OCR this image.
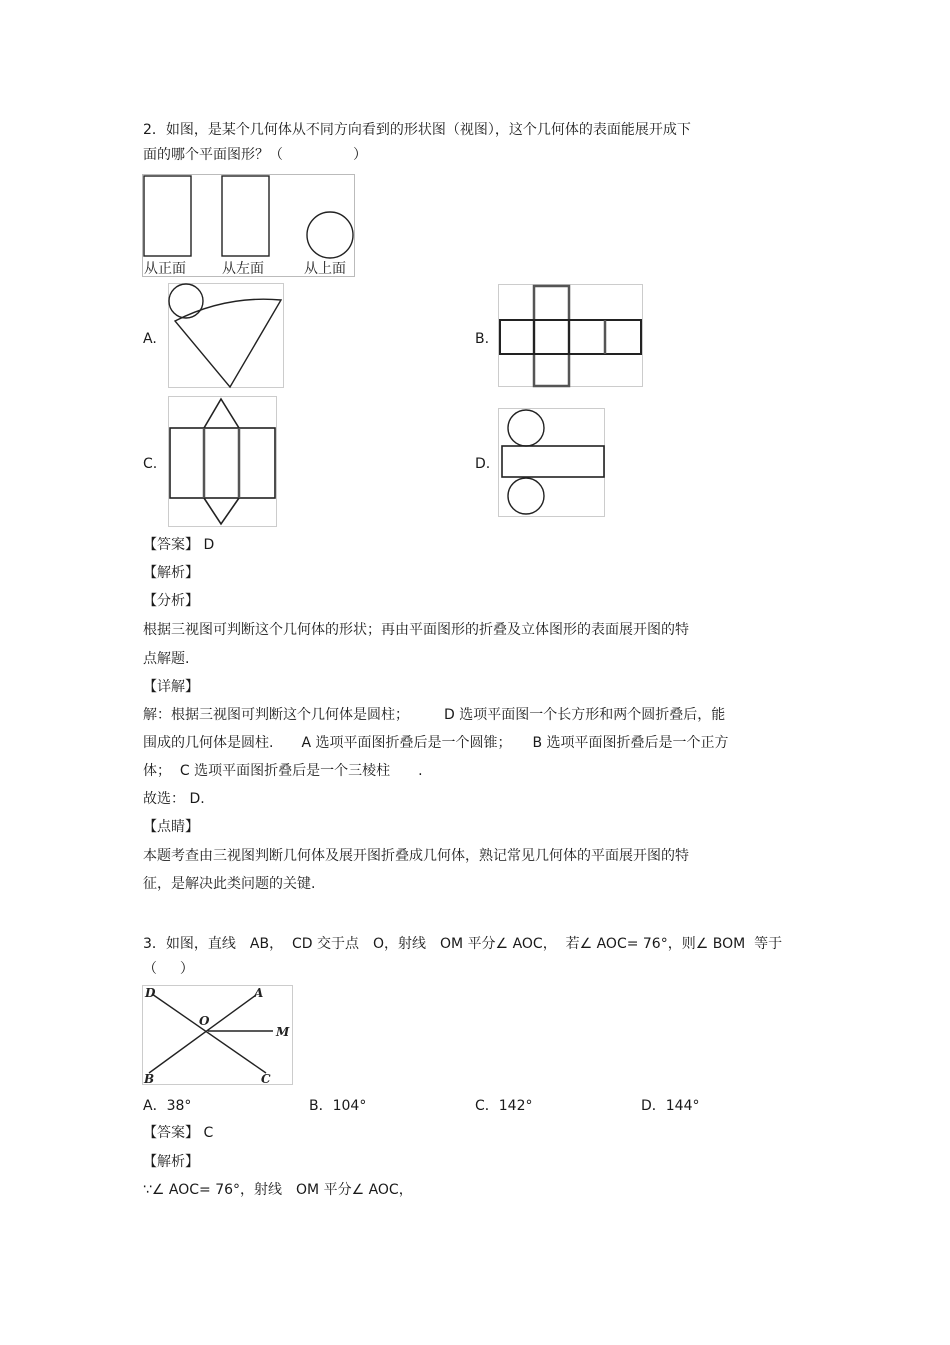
2．如图，是某个几何体从不同方向看到的形状图（视图），这个几何体的表面能展开成下
面的哪个平面图形？（　　　　　）
从正面	从左面	从上面
A.	B.
C.	D.
【答案】 D
【解析】
【分析】
根据三视图可判断这个几何体的形状；再由平面图形的折叠及立体图形的表面展开图的特
点解题.
【详解】
解：根据三视图可判断这个几何体是圆柱；　　　D 选项平面图一个长方形和两个圆折叠后，能
围成的几何体是圆柱.　　A 选项平面图折叠后是一个圆锥；　　B 选项平面图折叠后是一个正方
体；  C 选项平面图折叠后是一个三棱柱　　.
故选： D.
【点睛】
本题考查由三视图判断几何体及展开图折叠成几何体，熟记常见几何体的平面展开图的特
征，是解决此类问题的关键.
3．如图，直线　AB，  CD 交于点　O，射线　OM 平分∠ AOC，  若∠ AOC= 76°，则∠ BOM  等于
（　  ）
D	A
O
M
B	C
A．38°	B．104°	C．142°	D．144°
【答案】 C
【解析】
∵∠ AOC= 76°，射线　OM 平分∠ AOC，
